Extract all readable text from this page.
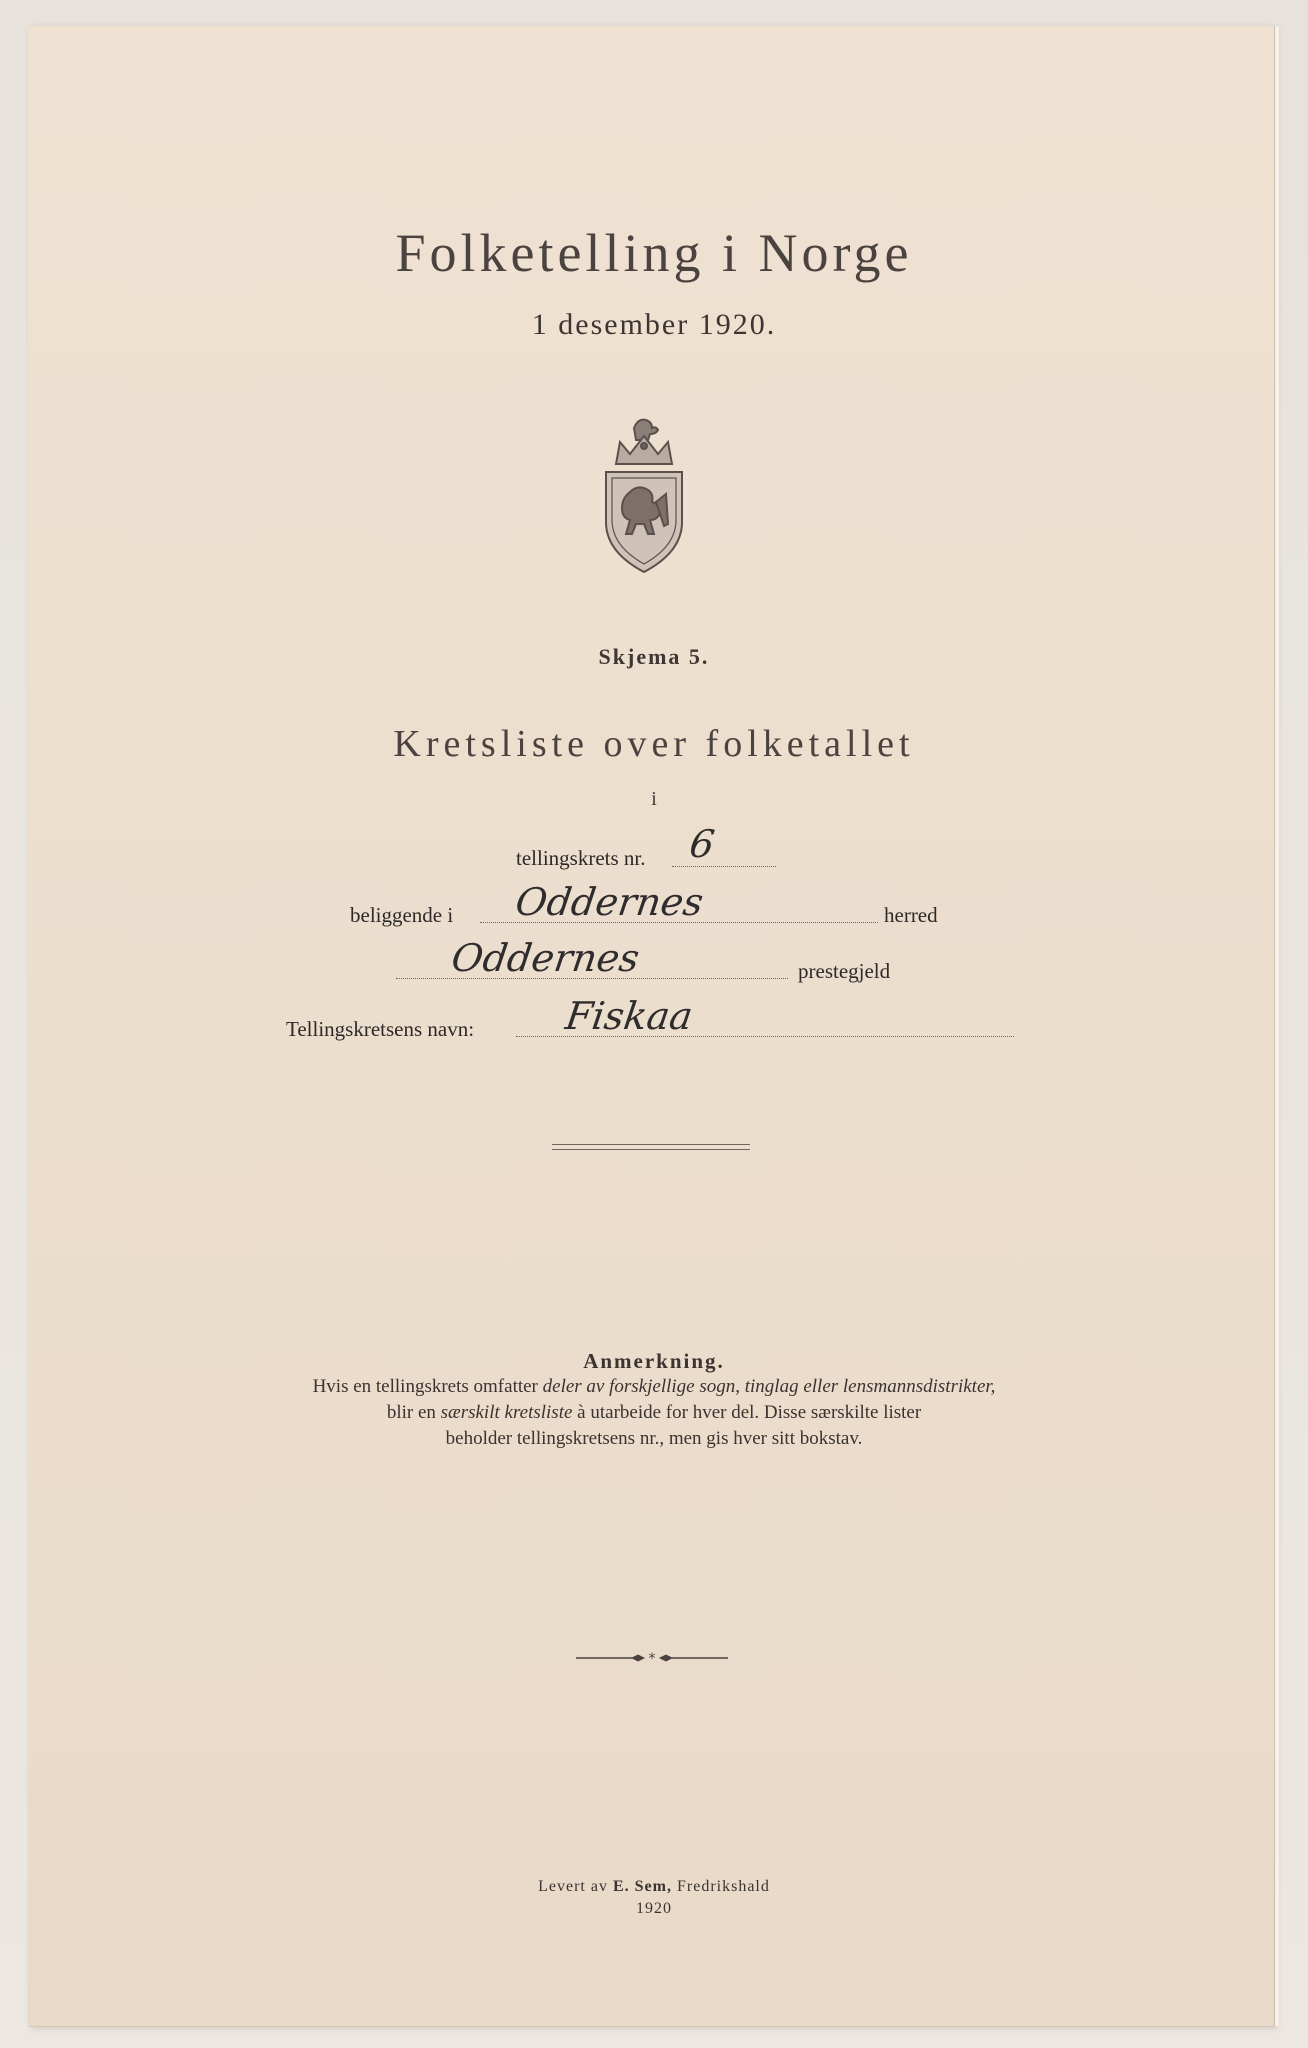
Folketelling i Norge

1 desember 1920.

Skjema 5.

Kretsliste over folketallet

i

tellingskrets nr. 6
beliggende i Oddernes	herred
Oddernes	prestegjeld
Tellingskretsens navn: Fiskaa

Anmerkning.

Hvis en tellingskrets omfatter deler av forskjellige sogn, tinglag eller lensmannsdistrikter,

blir en særskilt kretsliste à utarbeide for hver del. Disse særskilte lister

beholder tellingskretsens nr., men gis hver sitt bokstav.

*

Levert av E. Sem, Fredrikshald

1920
